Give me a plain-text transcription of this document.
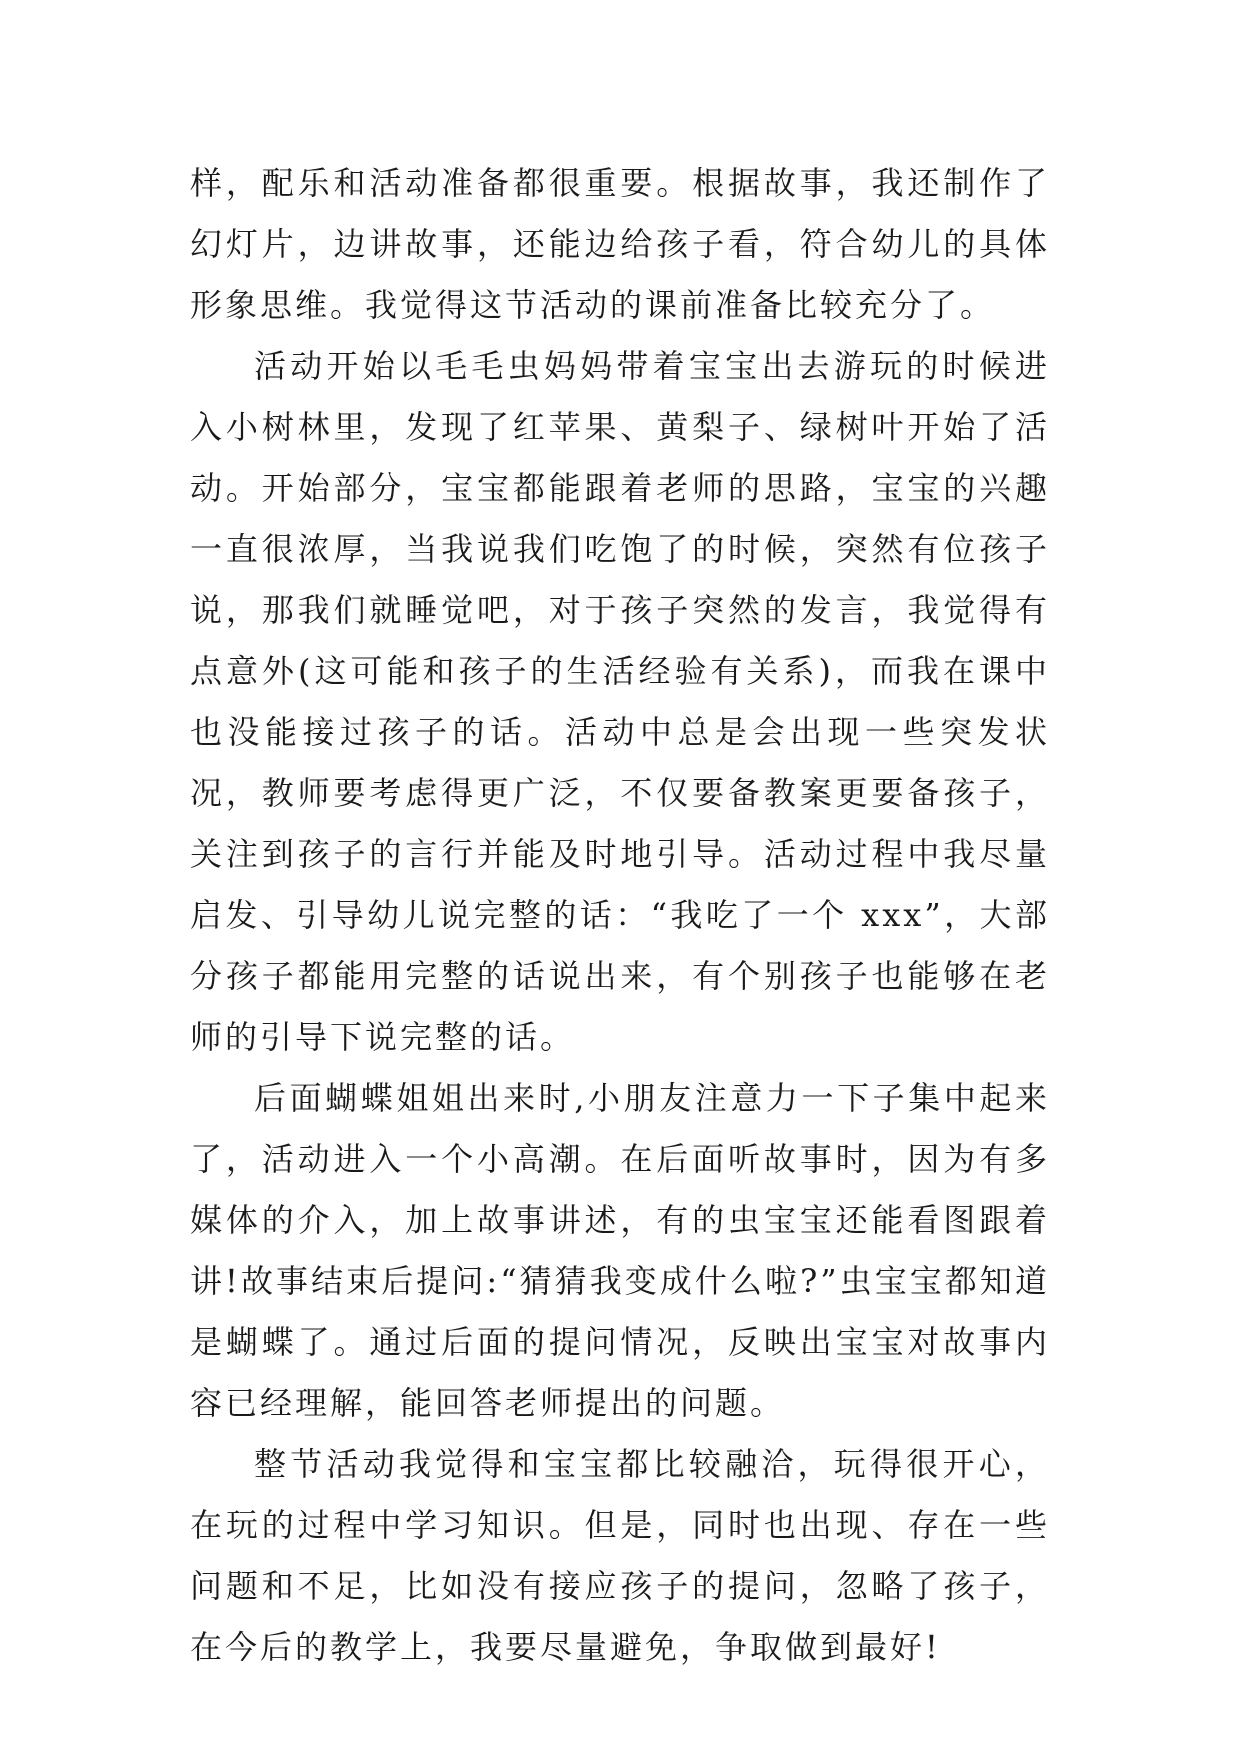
样，配乐和活动准备都很重要。根据故事，我还制作了幻灯片，边讲故事，还能边给孩子看，符合幼儿的具体形象思维。我觉得这节活动的课前准备比较充分了。

活动开始以毛毛虫妈妈带着宝宝出去游玩的时候进入小树林里，发现了红苹果、黄梨子、绿树叶开始了活动。开始部分，宝宝都能跟着老师的思路，宝宝的兴趣一直很浓厚，当我说我们吃饱了的时候，突然有位孩子说，那我们就睡觉吧，对于孩子突然的发言，我觉得有点意外(这可能和孩子的生活经验有关系)，而我在课中也没能接过孩子的话。活动中总是会出现一些突发状况，教师要考虑得更广泛，不仅要备教案更要备孩子，关注到孩子的言行并能及时地引导。活动过程中我尽量启发、引导幼儿说完整的话：“我吃了一个 xxx”，大部分孩子都能用完整的话说出来，有个别孩子也能够在老师的引导下说完整的话。

后面蝴蝶姐姐出来时,小朋友注意力一下子集中起来了，活动进入一个小高潮。在后面听故事时，因为有多媒体的介入，加上故事讲述，有的虫宝宝还能看图跟着讲!故事结束后提问:“猜猜我变成什么啦?”虫宝宝都知道是蝴蝶了。通过后面的提问情况，反映出宝宝对故事内容已经理解，能回答老师提出的问题。

整节活动我觉得和宝宝都比较融洽，玩得很开心，在玩的过程中学习知识。但是，同时也出现、存在一些问题和不足，比如没有接应孩子的提问，忽略了孩子，在今后的教学上，我要尽量避免，争取做到最好!
